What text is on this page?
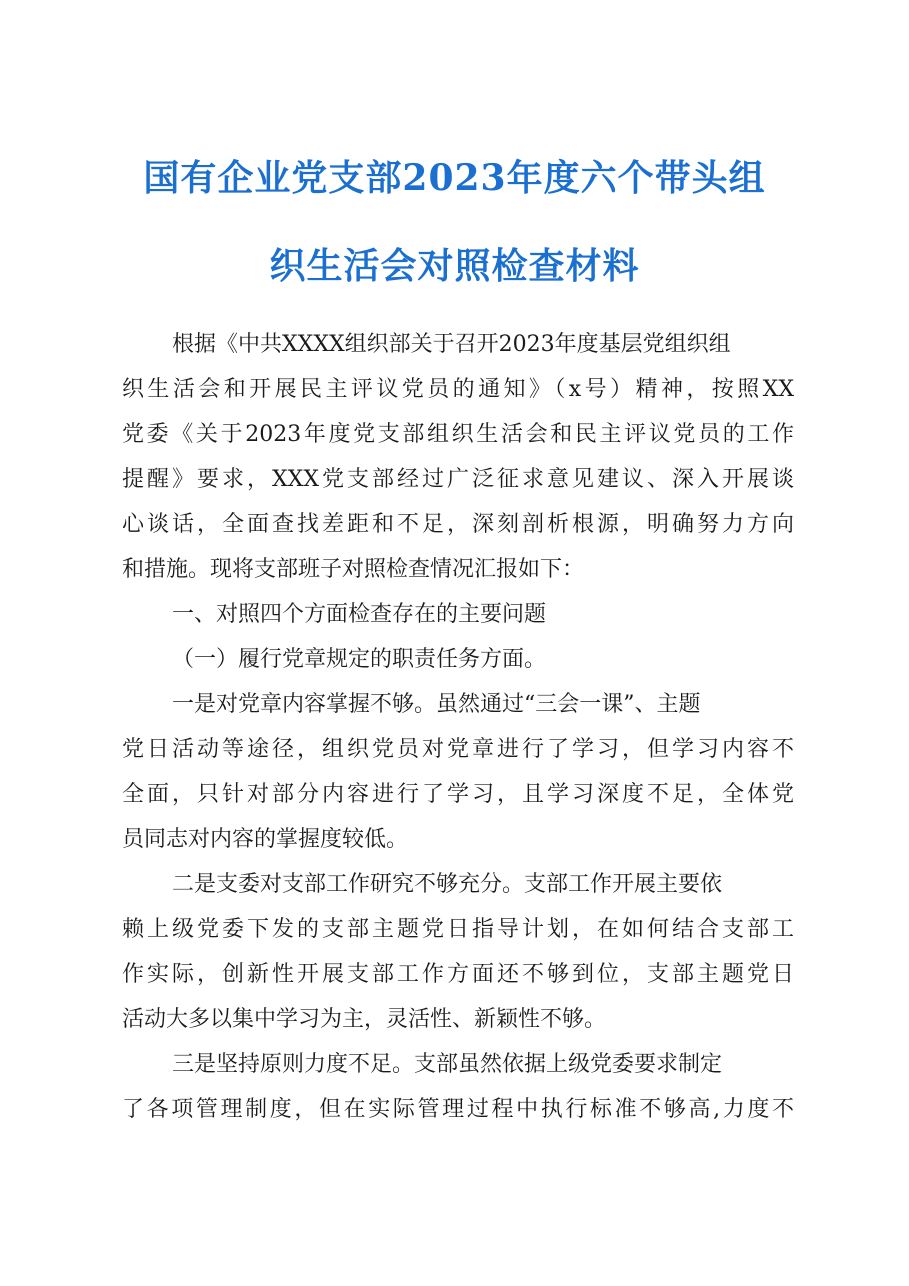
国有企业党支部2023年度六个带头组
织生活会对照检查材料
根据《中共XXXX组织部关于召开2023年度基层党组织组
织生活会和开展民主评议党员的通知》（x号）精神，按照XX
党委《关于2023年度党支部组织生活会和民主评议党员的工作
提醒》要求，XXX党支部经过广泛征求意见建议、深入开展谈
心谈话，全面查找差距和不足，深刻剖析根源，明确努力方向
和措施。现将支部班子对照检查情况汇报如下：
一、对照四个方面检查存在的主要问题
（一）履行党章规定的职责任务方面。
一是对党章内容掌握不够。虽然通过“三会一课”、主题
党日活动等途径，组织党员对党章进行了学习，但学习内容不
全面，只针对部分内容进行了学习，且学习深度不足，全体党
员同志对内容的掌握度较低。
二是支委对支部工作研究不够充分。支部工作开展主要依
赖上级党委下发的支部主题党日指导计划，在如何结合支部工
作实际，创新性开展支部工作方面还不够到位，支部主题党日
活动大多以集中学习为主，灵活性、新颖性不够。
三是坚持原则力度不足。支部虽然依据上级党委要求制定
了各项管理制度，但在实际管理过程中执行标准不够高,力度不
